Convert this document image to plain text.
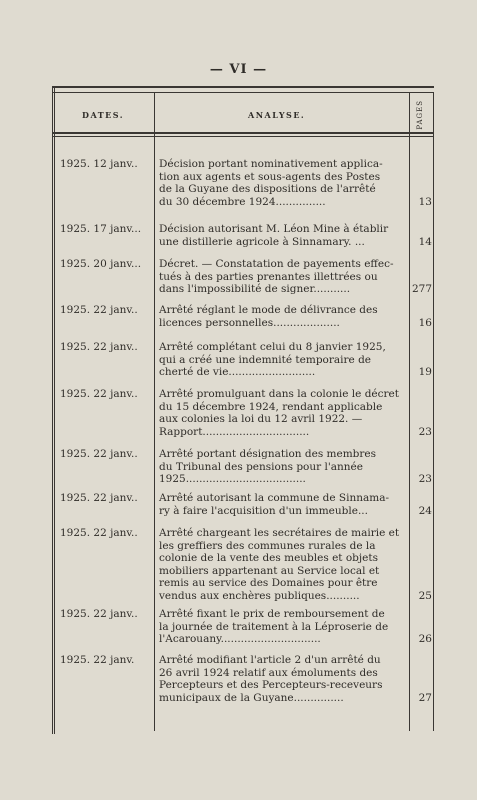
— VI —
DATES.	ANALYSE.	PAGES
1925. 12 janv..	Décision portant nominativement applica-
tion aux agents et sous-agents des Postes
de la Guyane des dispositions de l'arrêté
du 30 décembre 1924...............	13
1925. 17 janv...	Décision autorisant M. Léon Mine à établir
une distillerie agricole à Sinnamary. ...	14
1925. 20 janv...	Décret. — Constatation de payements effec-
tués à des parties prenantes illettrées ou
dans l'impossibilité de signer...........	277
1925. 22 janv..	Arrêté réglant le mode de délivrance des
licences personnelles....................	16
1925. 22 janv..	Arrêté complétant celui du 8 janvier 1925,
qui a créé une indemnité temporaire de
cherté de vie..........................	19
1925. 22 janv..	Arrêté promulguant dans la colonie le décret
du 15 décembre 1924, rendant applicable
aux colonies la loi du 12 avril 1922. —
Rapport................................	23
1925. 22 janv..	Arrêté portant désignation des membres
du Tribunal des pensions pour l'année
1925....................................	23
1925. 22 janv..	Arrêté autorisant la commune de Sinnama-
ry à faire l'acquisition d'un immeuble...	24
1925. 22 janv..	Arrêté chargeant les secrétaires de mairie et
les greffiers des communes rurales de la
colonie de la vente des meubles et objets
mobiliers appartenant au Service local et
remis au service des Domaines pour être
vendus aux enchères publiques..........	25
1925. 22 janv..	Arrêté fixant le prix de remboursement de
la journée de traitement à la Léproserie de
l'Acarouany..............................	26
1925. 22 janv.	Arrêté modifiant l'article 2 d'un arrêté du
26 avril 1924 relatif aux émoluments des
Percepteurs et des Percepteurs-receveurs
municipaux de la Guyane...............	27
